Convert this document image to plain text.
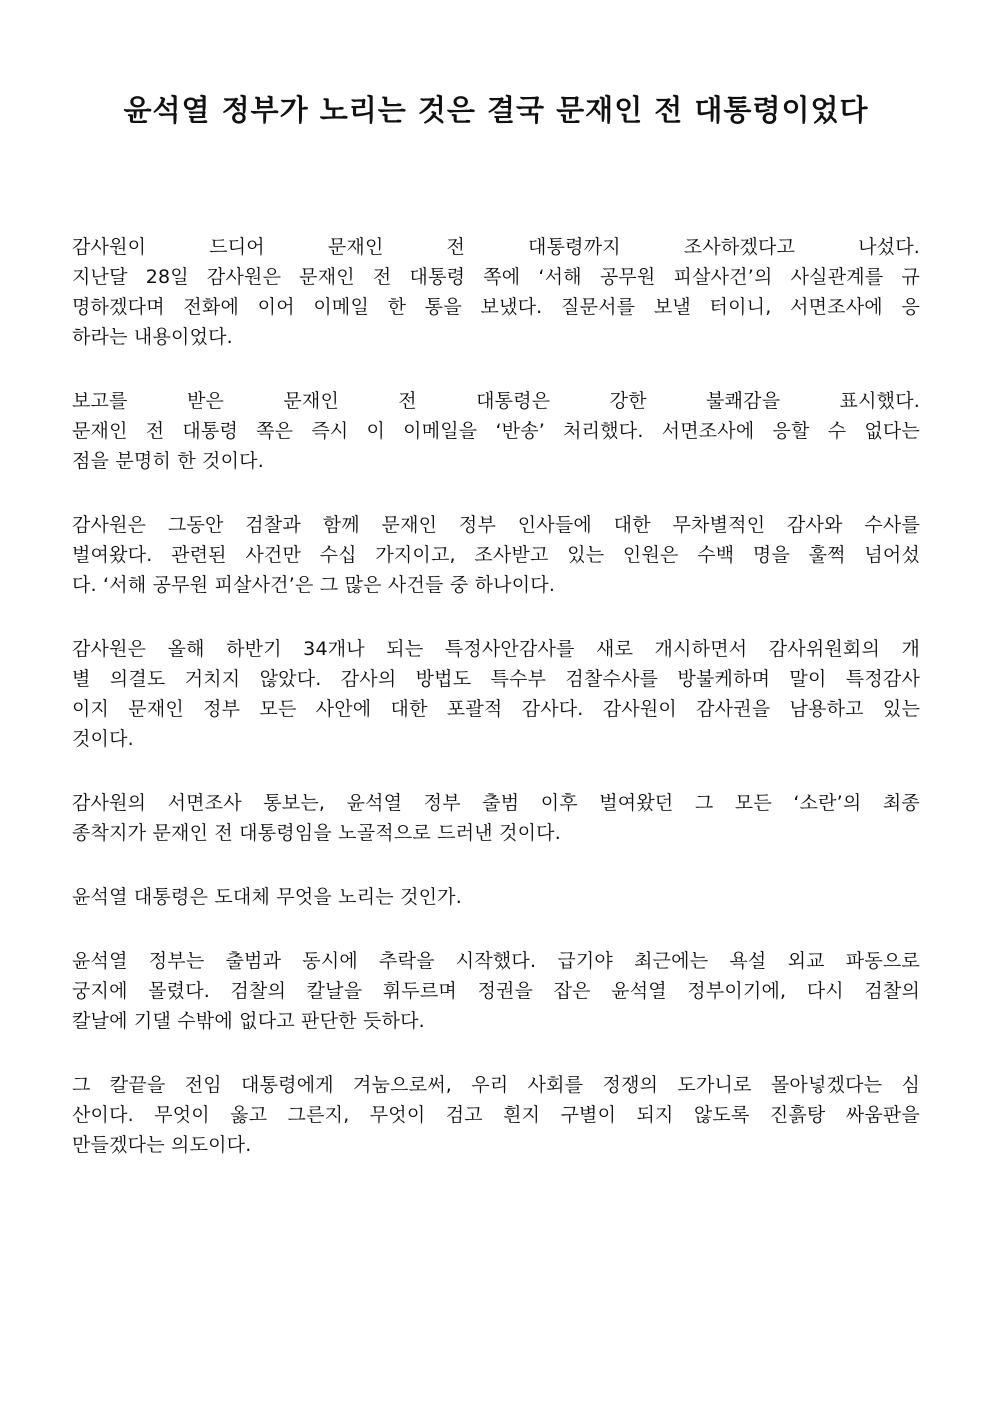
윤석열 정부가 노리는 것은 결국 문재인 전 대통령이었다
감사원이 드디어 문재인 전 대통령까지 조사하겠다고 나섰다.
지난달 28일 감사원은 문재인 전 대통령 쪽에 ‘서해 공무원 피살사건’의 사실관계를 규
명하겠다며 전화에 이어 이메일 한 통을 보냈다. 질문서를 보낼 터이니, 서면조사에 응
하라는 내용이었다.
보고를 받은 문재인 전 대통령은 강한 불쾌감을 표시했다.
문재인 전 대통령 쪽은 즉시 이 이메일을 ‘반송’ 처리했다. 서면조사에 응할 수 없다는
점을 분명히 한 것이다.
감사원은 그동안 검찰과 함께 문재인 정부 인사들에 대한 무차별적인 감사와 수사를
벌여왔다. 관련된 사건만 수십 가지이고, 조사받고 있는 인원은 수백 명을 훌쩍 넘어섰
다. ‘서해 공무원 피살사건’은 그 많은 사건들 중 하나이다.
감사원은 올해 하반기 34개나 되는 특정사안감사를 새로 개시하면서 감사위원회의 개
별 의결도 거치지 않았다. 감사의 방법도 특수부 검찰수사를 방불케하며 말이 특정감사
이지 문재인 정부 모든 사안에 대한 포괄적 감사다. 감사원이 감사권을 남용하고 있는
것이다.
감사원의 서면조사 통보는, 윤석열 정부 출범 이후 벌여왔던 그 모든 ‘소란’의 최종
종착지가 문재인 전 대통령임을 노골적으로 드러낸 것이다.
윤석열 대통령은 도대체 무엇을 노리는 것인가.
윤석열 정부는 출범과 동시에 추락을 시작했다. 급기야 최근에는 욕설 외교 파동으로
궁지에 몰렸다. 검찰의 칼날을 휘두르며 정권을 잡은 윤석열 정부이기에, 다시 검찰의
칼날에 기댈 수밖에 없다고 판단한 듯하다.
그 칼끝을 전임 대통령에게 겨눔으로써, 우리 사회를 정쟁의 도가니로 몰아넣겠다는 심
산이다. 무엇이 옳고 그른지, 무엇이 검고 흰지 구별이 되지 않도록 진흙탕 싸움판을
만들겠다는 의도이다.
